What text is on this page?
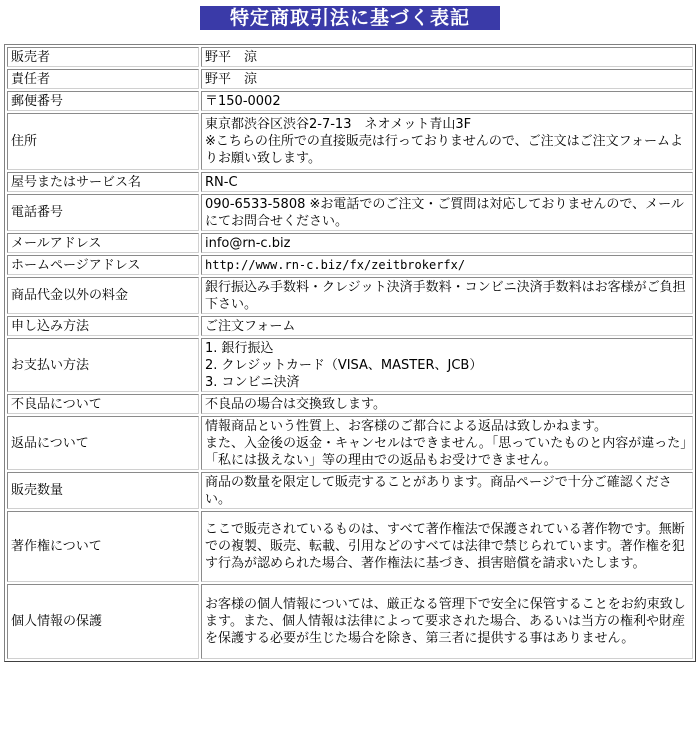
特定商取引法に基づく表記
販売者	野平　涼

責任者	野平　涼

郵便番号	〒150-0002

住所	東京都渋谷区渋谷2-7-13　ネオメット青山3F
※こちらの住所での直接販売は行っておりませんので、ご注文はご注文フォームよりお願い致します。

屋号またはサービス名	RN-C

電話番号	090-6533-5808 ※お電話でのご注文・ご質問は対応しておりませんので、メールにてお問合せください。

メールアドレス	info@rn-c.biz

ホームページアドレス	http://www.rn-c.biz/fx/zeitbrokerfx/

商品代金以外の料金	銀行振込み手数料・クレジット決済手数料・コンビニ決済手数料はお客様がご負担下さい。

申し込み方法	ご注文フォーム

お支払い方法	1. 銀行振込
2. クレジットカード（VISA、MASTER、JCB）
3. コンビニ決済

不良品について	不良品の場合は交換致します。

返品について	情報商品という性質上、お客様のご都合による返品は致しかねます。
また、入金後の返金・キャンセルはできません。「思っていたものと内容が違った」「私には扱えない」等の理由での返品もお受けできません。

販売数量	商品の数量を限定して販売することがあります。商品ページで十分ご確認ください。

著作権について	ここで販売されているものは、すべて著作権法で保護されている著作物です。無断での複製、販売、転載、引用などのすべては法律で禁じられています。著作権を犯す行為が認められた場合、著作権法に基づき、損害賠償を請求いたします。

個人情報の保護	お客様の個人情報については、厳正なる管理下で安全に保管することをお約束致します。また、個人情報は法律によって要求された場合、あるいは当方の権利や財産を保護する必要が生じた場合を除き、第三者に提供する事はありません。
